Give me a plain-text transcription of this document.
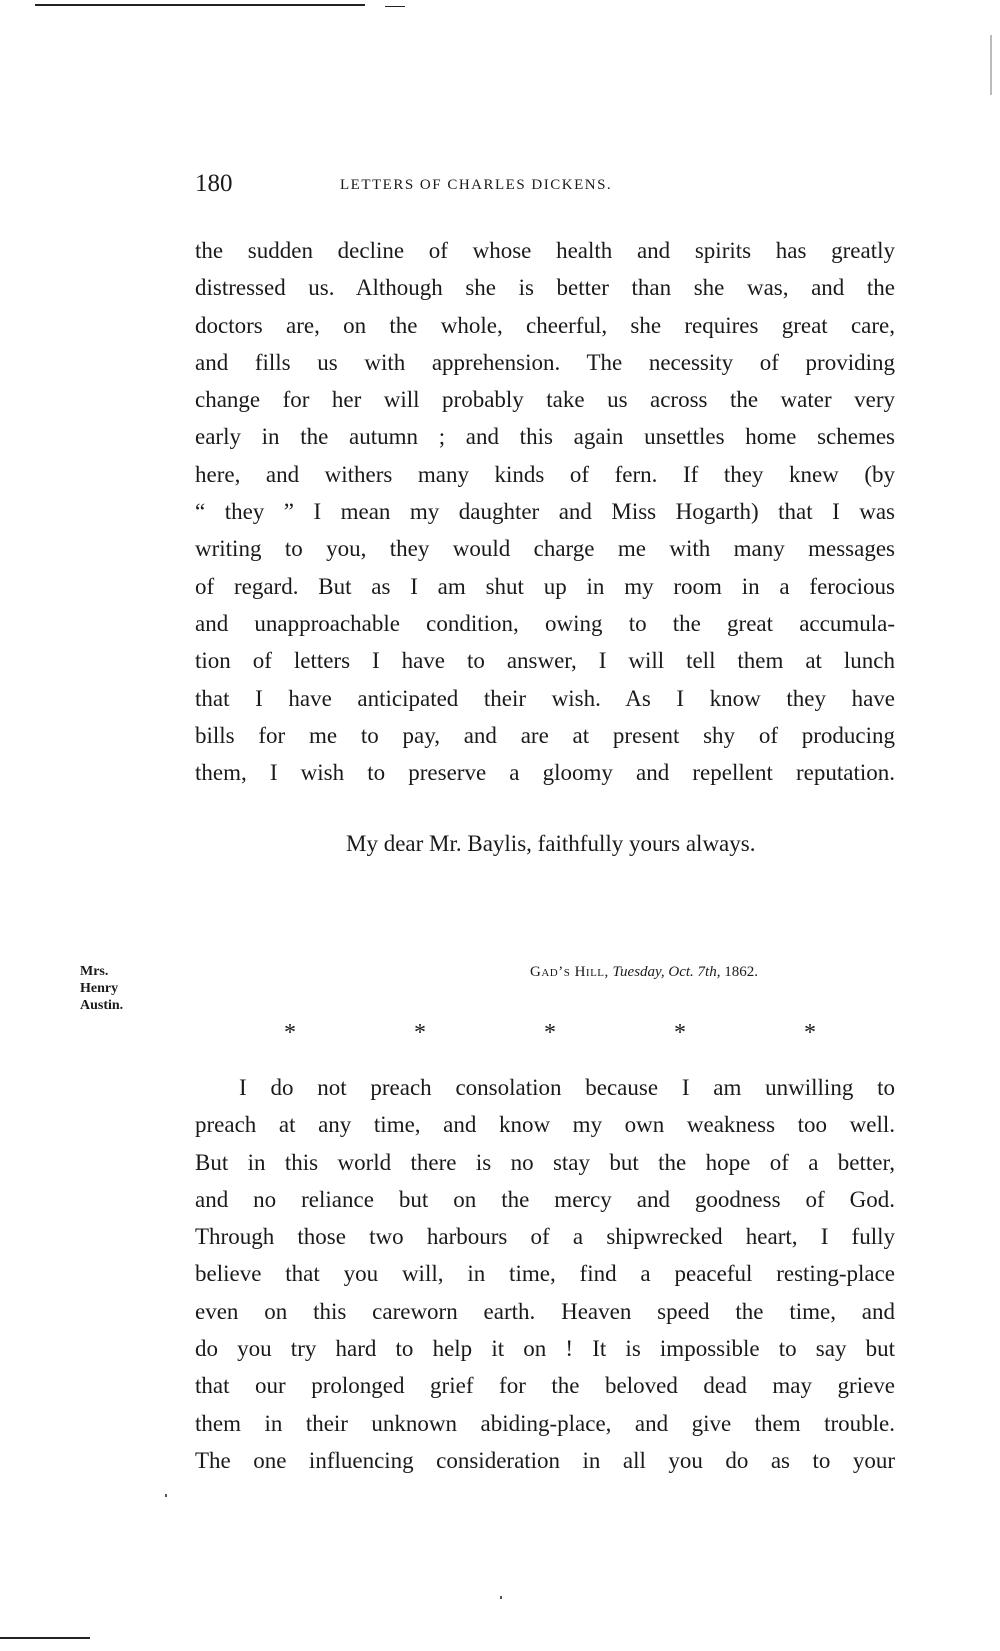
180	LETTERS OF CHARLES DICKENS.
the sudden decline of whose health and spirits has greatly
distressed us. Although she is better than she was, and the
doctors are, on the whole, cheerful, she requires great care,
and fills us with apprehension. The necessity of providing
change for her will probably take us across the water very
early in the autumn ; and this again unsettles home schemes
here, and withers many kinds of fern. If they knew (by
“ they ” I mean my daughter and Miss Hogarth) that I was
writing to you, they would charge me with many messages
of regard. But as I am shut up in my room in a ferocious
and unapproachable condition, owing to the great accumula-
tion of letters I have to answer, I will tell them at lunch
that I have anticipated their wish. As I know they have
bills for me to pay, and are at present shy of producing
them, I wish to preserve a gloomy and repellent reputation.
My dear Mr. Baylis, faithfully yours always.
Mrs.
Henry
Austin.
Gad’s Hill, Tuesday, Oct. 7th, 1862.
*	*	*	*	*
I do not preach consolation because I am unwilling to
preach at any time, and know my own weakness too well.
But in this world there is no stay but the hope of a better,
and no reliance but on the mercy and goodness of God.
Through those two harbours of a shipwrecked heart, I fully
believe that you will, in time, find a peaceful resting-place
even on this careworn earth. Heaven speed the time, and
do you try hard to help it on ! It is impossible to say but
that our prolonged grief for the beloved dead may grieve
them in their unknown abiding-place, and give them trouble.
The one influencing consideration in all you do as to your
